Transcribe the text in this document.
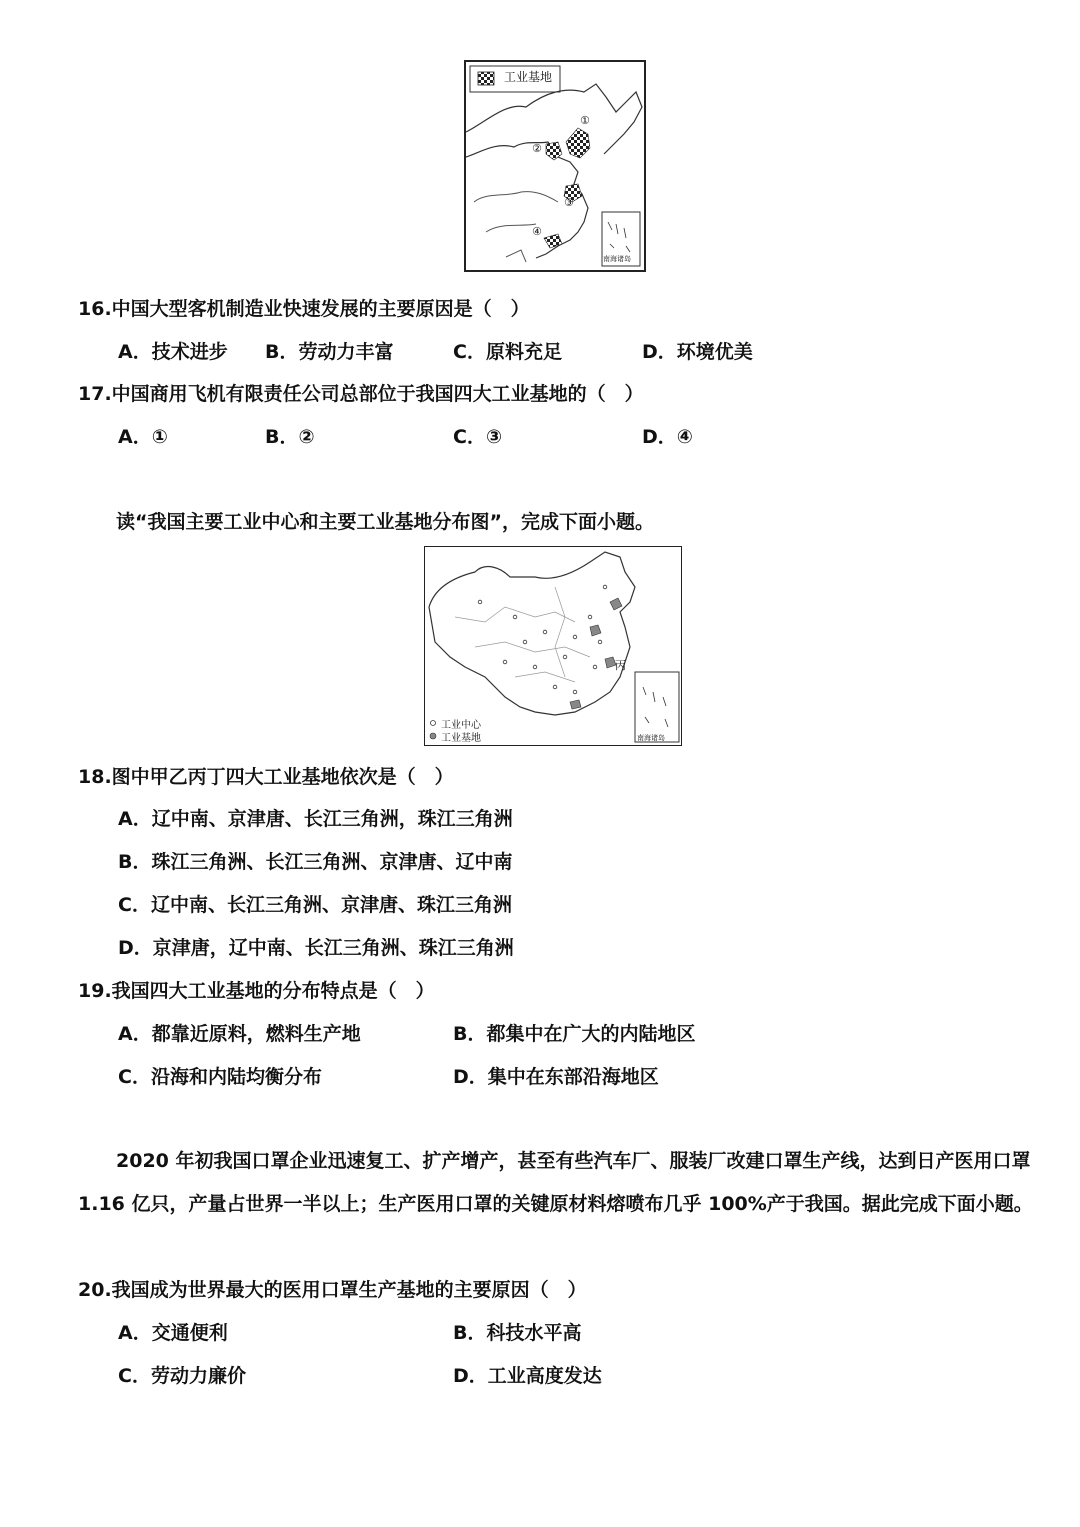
工业基地
①
②
③
④
南海诸岛
16.中国大型客机制造业快速发展的主要原因是（　）
A．技术进步 B．劳动力丰富	C．原料充足	D．环境优美
17.中国商用飞机有限责任公司总部位于我国四大工业基地的（　）
A．①	B．②	C．③	D．④
读“我国主要工业中心和主要工业基地分布图”，完成下面小题。
丙
工业中心
工业基地	南海诸岛
18.图中甲乙丙丁四大工业基地依次是（　）
A．辽中南、京津唐、长江三角洲，珠江三角洲
B．珠江三角洲、长江三角洲、京津唐、辽中南
C．辽中南、长江三角洲、京津唐、珠江三角洲
D．京津唐，辽中南、长江三角洲、珠江三角洲
19.我国四大工业基地的分布特点是（　）
A．都靠近原料，燃料生产地	B．都集中在广大的内陆地区
C．沿海和内陆均衡分布	D．集中在东部沿海地区
2020 年初我国口罩企业迅速复工、扩产增产，甚至有些汽车厂、服装厂改建口罩生产线，达到日产医用口罩 1.16 亿只，产量占世界一半以上；生产医用口罩的关键原材料熔喷布几乎 100%产于我国。据此完成下面小题。
20.我国成为世界最大的医用口罩生产基地的主要原因（　）
A．交通便利	B．科技水平高
C．劳动力廉价	D．工业高度发达
